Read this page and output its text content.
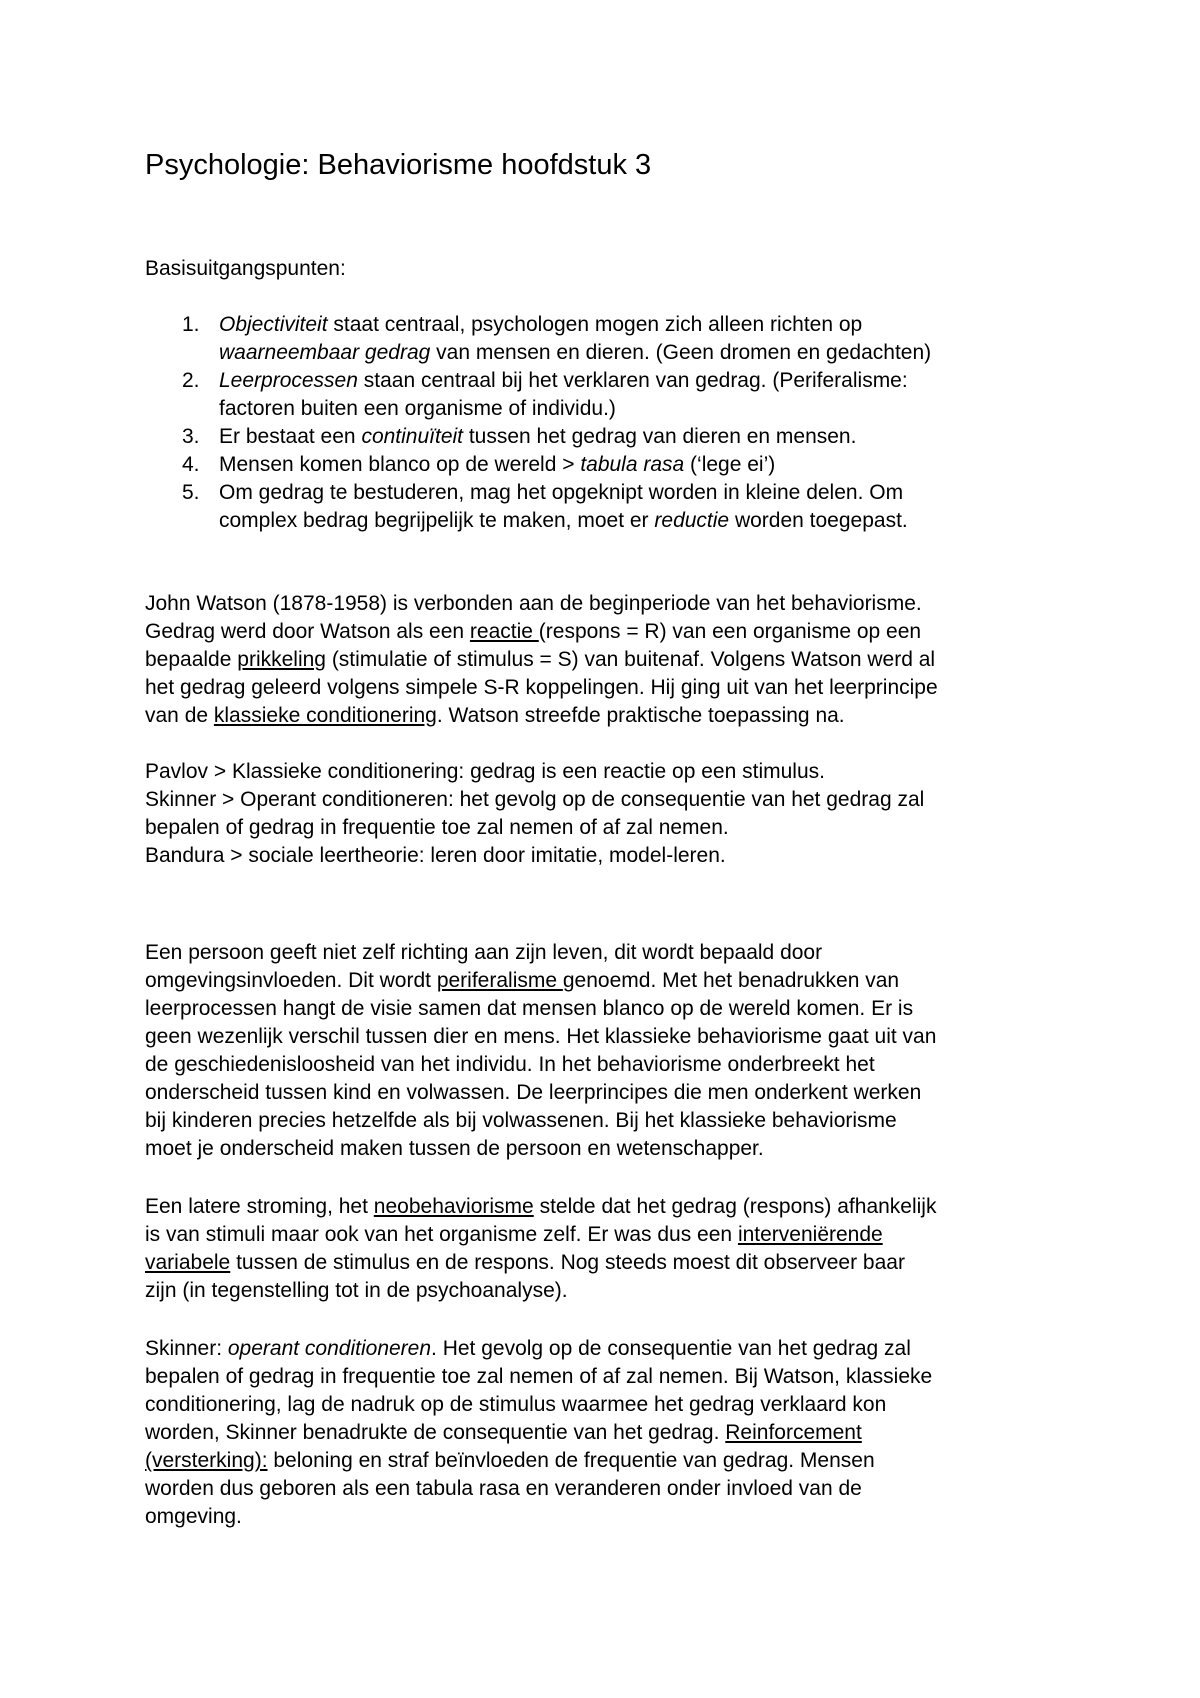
Psychologie: Behaviorisme hoofdstuk 3
Basisuitgangspunten:
1. Objectiviteit staat centraal, psychologen mogen zich alleen richten op
waarneembaar gedrag van mensen en dieren. (Geen dromen en gedachten)
2. Leerprocessen staan centraal bij het verklaren van gedrag. (Periferalisme:
factoren buiten een organisme of individu.)
3. Er bestaat een continuïteit tussen het gedrag van dieren en mensen.
4. Mensen komen blanco op de wereld > tabula rasa (‘lege ei’)
5. Om gedrag te bestuderen, mag het opgeknipt worden in kleine delen. Om
complex bedrag begrijpelijk te maken, moet er reductie worden toegepast.
John Watson (1878-1958) is verbonden aan de beginperiode van het behaviorisme.
Gedrag werd door Watson als een reactie (respons = R) van een organisme op een
bepaalde prikkeling (stimulatie of stimulus = S) van buitenaf. Volgens Watson werd al
het gedrag geleerd volgens simpele S-R koppelingen. Hij ging uit van het leerprincipe
van de klassieke conditionering. Watson streefde praktische toepassing na.
Pavlov > Klassieke conditionering: gedrag is een reactie op een stimulus.
Skinner > Operant conditioneren: het gevolg op de consequentie van het gedrag zal
bepalen of gedrag in frequentie toe zal nemen of af zal nemen.
Bandura > sociale leertheorie: leren door imitatie, model-leren.
Een persoon geeft niet zelf richting aan zijn leven, dit wordt bepaald door
omgevingsinvloeden. Dit wordt periferalisme genoemd. Met het benadrukken van
leerprocessen hangt de visie samen dat mensen blanco op de wereld komen. Er is
geen wezenlijk verschil tussen dier en mens. Het klassieke behaviorisme gaat uit van
de geschiedenisloosheid van het individu. In het behaviorisme onderbreekt het
onderscheid tussen kind en volwassen. De leerprincipes die men onderkent werken
bij kinderen precies hetzelfde als bij volwassenen. Bij het klassieke behaviorisme
moet je onderscheid maken tussen de persoon en wetenschapper.
Een latere stroming, het neobehaviorisme stelde dat het gedrag (respons) afhankelijk
is van stimuli maar ook van het organisme zelf. Er was dus een interveniërende
variabele tussen de stimulus en de respons. Nog steeds moest dit observeer baar
zijn (in tegenstelling tot in de psychoanalyse).
Skinner: operant conditioneren. Het gevolg op de consequentie van het gedrag zal
bepalen of gedrag in frequentie toe zal nemen of af zal nemen. Bij Watson, klassieke
conditionering, lag de nadruk op de stimulus waarmee het gedrag verklaard kon
worden, Skinner benadrukte de consequentie van het gedrag. Reinforcement
(versterking): beloning en straf beïnvloeden de frequentie van gedrag. Mensen
worden dus geboren als een tabula rasa en veranderen onder invloed van de
omgeving.
